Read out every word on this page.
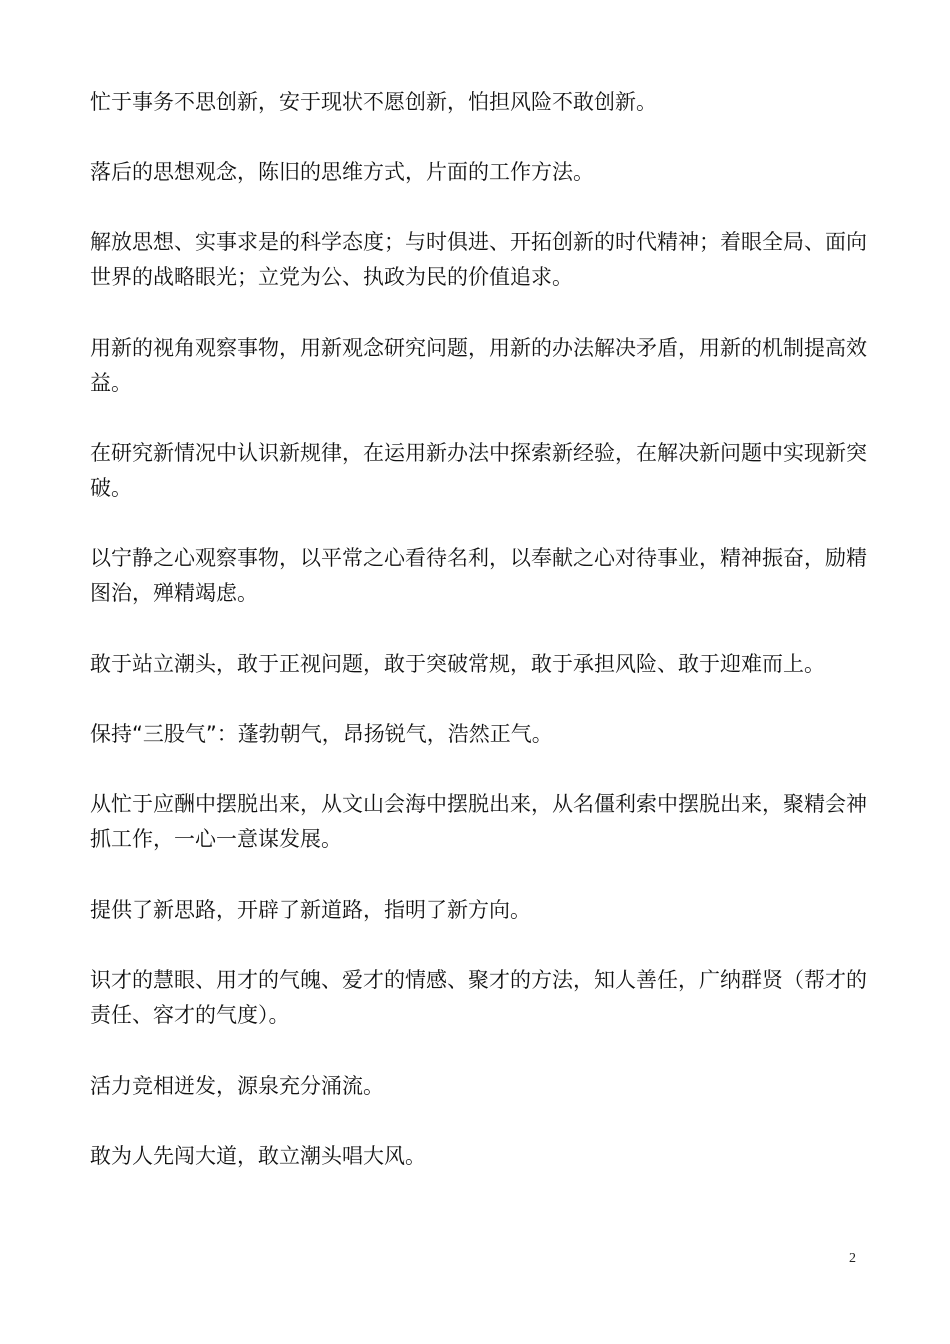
忙于事务不思创新，安于现状不愿创新，怕担风险不敢创新。

落后的思想观念，陈旧的思维方式，片面的工作方法。

解放思想、实事求是的科学态度；与时俱进、开拓创新的时代精神；着眼全局、面向世界的战略眼光；立党为公、执政为民的价值追求。

用新的视角观察事物，用新观念研究问题，用新的办法解决矛盾，用新的机制提高效益。

在研究新情况中认识新规律，在运用新办法中探索新经验，在解决新问题中实现新突破。

以宁静之心观察事物，以平常之心看待名利，以奉献之心对待事业，精神振奋，励精图治，殚精竭虑。

敢于站立潮头，敢于正视问题，敢于突破常规，敢于承担风险、敢于迎难而上。

保持“三股气”：蓬勃朝气，昂扬锐气，浩然正气。

从忙于应酬中摆脱出来，从文山会海中摆脱出来，从名僵利索中摆脱出来，聚精会神抓工作，一心一意谋发展。

提供了新思路，开辟了新道路，指明了新方向。

识才的慧眼、用才的气魄、爱才的情感、聚才的方法，知人善任，广纳群贤（帮才的责任、容才的气度）。

活力竞相迸发，源泉充分涌流。

敢为人先闯大道，敢立潮头唱大风。

2
